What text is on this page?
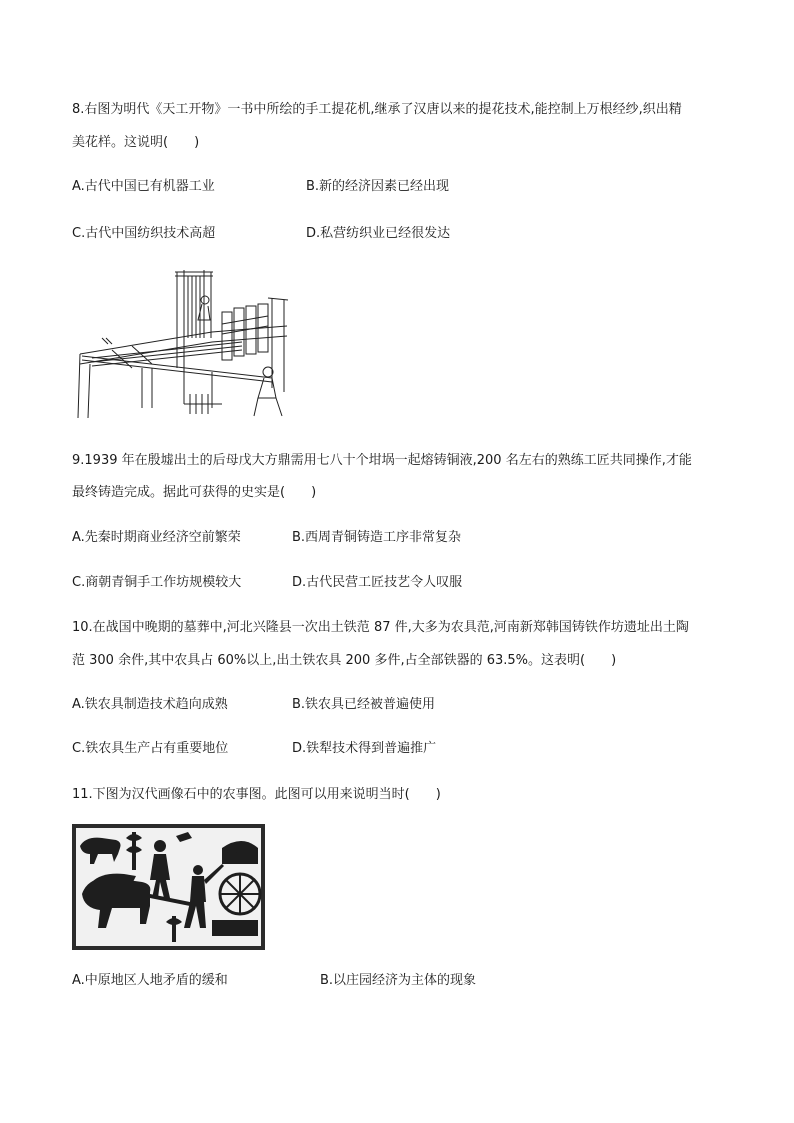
8.右图为明代《天工开物》一书中所绘的手工提花机,继承了汉唐以来的提花技术,能控制上万根经纱,织出精
美花样。这说明(　　)
A.古代中国已有机器工业	B.新的经济因素已经出现
C.古代中国纺织技术高超	D.私营纺织业已经很发达
9.1939 年在殷墟出土的后母戊大方鼎需用七八十个坩埚一起熔铸铜液,200 名左右的熟练工匠共同操作,才能
最终铸造完成。据此可获得的史实是(　　)
A.先秦时期商业经济空前繁荣	B.西周青铜铸造工序非常复杂
C.商朝青铜手工作坊规模较大	D.古代民营工匠技艺令人叹服
10.在战国中晚期的墓葬中,河北兴隆县一次出土铁范 87 件,大多为农具范,河南新郑韩国铸铁作坊遗址出土陶
范 300 余件,其中农具占 60%以上,出土铁农具 200 多件,占全部铁器的 63.5%。这表明(　　)
A.铁农具制造技术趋向成熟	B.铁农具已经被普遍使用
C.铁农具生产占有重要地位	D.铁犁技术得到普遍推广
11.下图为汉代画像石中的农事图。此图可以用来说明当时(　　)
A.中原地区人地矛盾的缓和	B.以庄园经济为主体的现象
